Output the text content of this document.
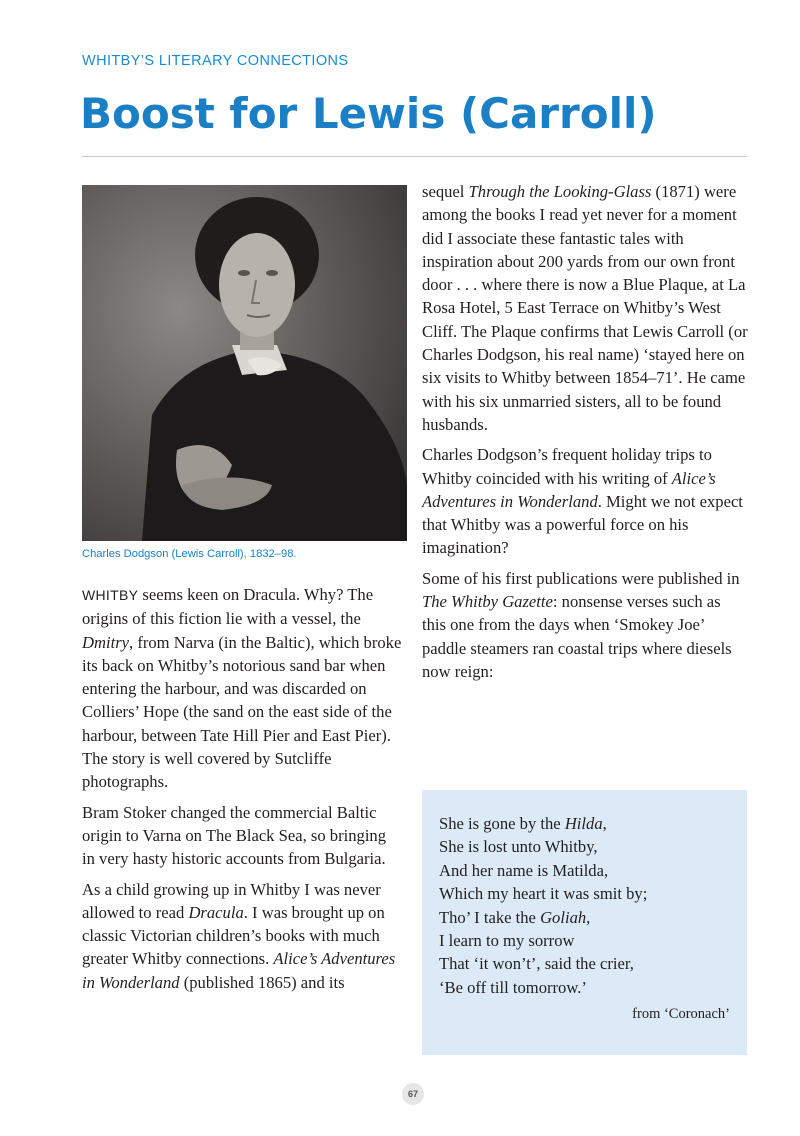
WHITBY’S LITERARY CONNECTIONS
Boost for Lewis (Carroll)
Charles Dodgson (Lewis Carroll), 1832–98.

WHITBY seems keen on Dracula. Why? The origins of this fiction lie with a vessel, the Dmitry, from Narva (in the Baltic), which broke its back on Whitby’s notorious sand bar when entering the harbour, and was discarded on Colliers’ Hope (the sand on the east side of the harbour, between Tate Hill Pier and East Pier). The story is well covered by Sutcliffe photographs.

Bram Stoker changed the commercial Baltic origin to Varna on The Black Sea, so bringing in very hasty historic accounts from Bulgaria.

As a child growing up in Whitby I was never allowed to read Dracula. I was brought up on classic Victorian children’s books with much greater Whitby connections. Alice’s Adventures in Wonderland (published 1865) and its

sequel Through the Looking-Glass (1871) were among the books I read yet never for a moment did I associate these fantastic tales with inspiration about 200 yards from our own front door . . . where there is now a Blue Plaque, at La Rosa Hotel, 5 East Terrace on Whitby’s West Cliff. The Plaque confirms that Lewis Carroll (or Charles Dodgson, his real name) ‘stayed here on six visits to Whitby between 1854–71’. He came with his six unmarried sisters, all to be found husbands.

Charles Dodgson’s frequent holiday trips to Whitby coincided with his writing of Alice’s Adventures in Wonderland. Might we not expect that Whitby was a powerful force on his imagination?

Some of his first publications were published in The Whitby Gazette: nonsense verses such as this one from the days when ‘Smokey Joe’ paddle steamers ran coastal trips where diesels now reign:

She is gone by the Hilda,
She is lost unto Whitby,
And her name is Matilda,
Which my heart it was smit by;
Tho’ I take the Goliah,
I learn to my sorrow
That ‘it won’t’, said the crier,
‘Be off till tomorrow.’
from ‘Coronach’
67
